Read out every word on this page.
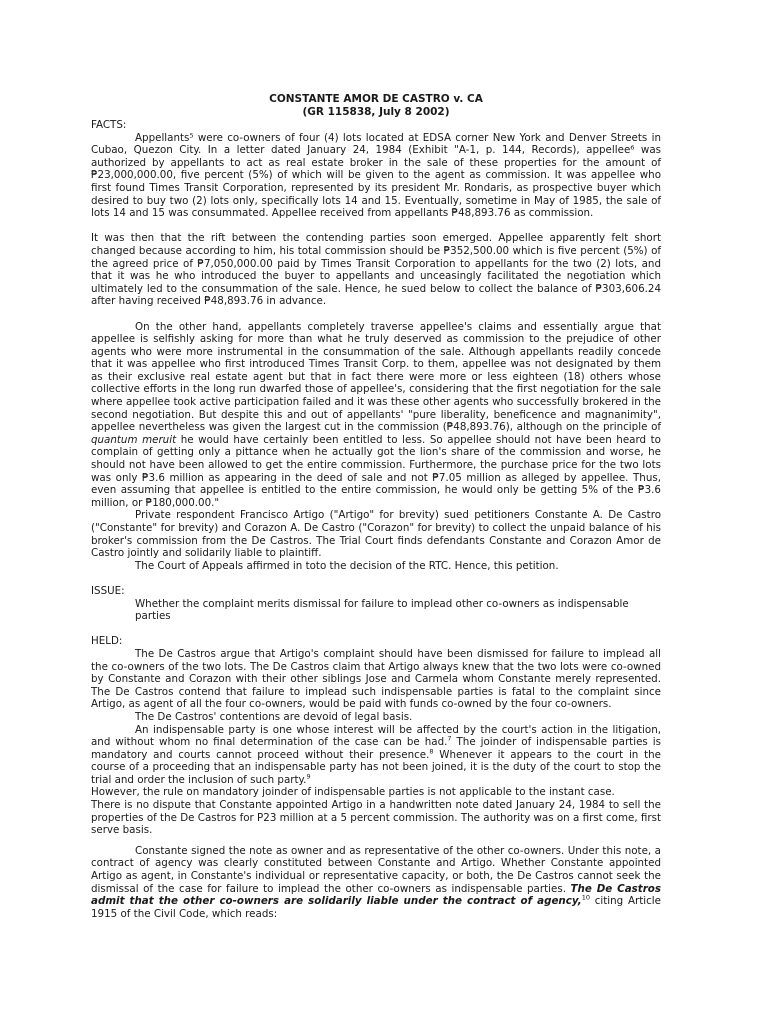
CONSTANTE AMOR DE CASTRO v. CA
(GR 115838, July 8 2002)
FACTS:

Appellants⁵ were co-owners of four (4) lots located at EDSA corner New York and Denver Streets in Cubao, Quezon City. In a letter dated January 24, 1984 (Exhibit "A-1, p. 144, Records), appellee⁶ was authorized by appellants to act as real estate broker in the sale of these properties for the amount of ₱23,000,000.00, five percent (5%) of which will be given to the agent as commission. It was appellee who first found Times Transit Corporation, represented by its president Mr. Rondaris, as prospective buyer which desired to buy two (2) lots only, specifically lots 14 and 15. Eventually, sometime in May of 1985, the sale of lots 14 and 15 was consummated. Appellee received from appellants ₱48,893.76 as commission.

It was then that the rift between the contending parties soon emerged. Appellee apparently felt short changed because according to him, his total commission should be ₱352,500.00 which is five percent (5%) of the agreed price of ₱7,050,000.00 paid by Times Transit Corporation to appellants for the two (2) lots, and that it was he who introduced the buyer to appellants and unceasingly facilitated the negotiation which ultimately led to the consummation of the sale. Hence, he sued below to collect the balance of ₱303,606.24 after having received ₱48,893.76 in advance.

On the other hand, appellants completely traverse appellee's claims and essentially argue that appellee is selfishly asking for more than what he truly deserved as commission to the prejudice of other agents who were more instrumental in the consummation of the sale. Although appellants readily concede that it was appellee who first introduced Times Transit Corp. to them, appellee was not designated by them as their exclusive real estate agent but that in fact there were more or less eighteen (18) others whose collective efforts in the long run dwarfed those of appellee's, considering that the first negotiation for the sale where appellee took active participation failed and it was these other agents who successfully brokered in the second negotiation. But despite this and out of appellants' "pure liberality, beneficence and magnanimity", appellee nevertheless was given the largest cut in the commission (₱48,893.76), although on the principle of quantum meruit he would have certainly been entitled to less. So appellee should not have been heard to complain of getting only a pittance when he actually got the lion's share of the commission and worse, he should not have been allowed to get the entire commission. Furthermore, the purchase price for the two lots was only ₱3.6 million as appearing in the deed of sale and not ₱7.05 million as alleged by appellee. Thus, even assuming that appellee is entitled to the entire commission, he would only be getting 5% of the ₱3.6 million, or ₱180,000.00."

Private respondent Francisco Artigo ("Artigo" for brevity) sued petitioners Constante A. De Castro ("Constante" for brevity) and Corazon A. De Castro ("Corazon" for brevity) to collect the unpaid balance of his broker's commission from the De Castros. The Trial Court finds defendants Constante and Corazon Amor de Castro jointly and solidarily liable to plaintiff.

The Court of Appeals affirmed in toto the decision of the RTC. Hence, this petition.

ISSUE:

Whether the complaint merits dismissal for failure to implead other co-owners as indispensable parties

HELD:

The De Castros argue that Artigo's complaint should have been dismissed for failure to implead all the co-owners of the two lots. The De Castros claim that Artigo always knew that the two lots were co-owned by Constante and Corazon with their other siblings Jose and Carmela whom Constante merely represented. The De Castros contend that failure to implead such indispensable parties is fatal to the complaint since Artigo, as agent of all the four co-owners, would be paid with funds co-owned by the four co-owners.

The De Castros' contentions are devoid of legal basis.

An indispensable party is one whose interest will be affected by the court's action in the litigation, and without whom no final determination of the case can be had.$^7$ The joinder of indispensable parties is mandatory and courts cannot proceed without their presence.$^8$ Whenever it appears to the court in the course of a proceeding that an indispensable party has not been joined, it is the duty of the court to stop the trial and order the inclusion of such party.$^9$

However, the rule on mandatory joinder of indispensable parties is not applicable to the instant case.

There is no dispute that Constante appointed Artigo in a handwritten note dated January 24, 1984 to sell the properties of the De Castros for P23 million at a 5 percent commission. The authority was on a first come, first serve basis.

Constante signed the note as owner and as representative of the other co-owners. Under this note, a contract of agency was clearly constituted between Constante and Artigo. Whether Constante appointed Artigo as agent, in Constante's individual or representative capacity, or both, the De Castros cannot seek the dismissal of the case for failure to implead the other co-owners as indispensable parties. The De Castros admit that the other co-owners are solidarily liable under the contract of agency,$^{10}$ citing Article 1915 of the Civil Code, which reads:
